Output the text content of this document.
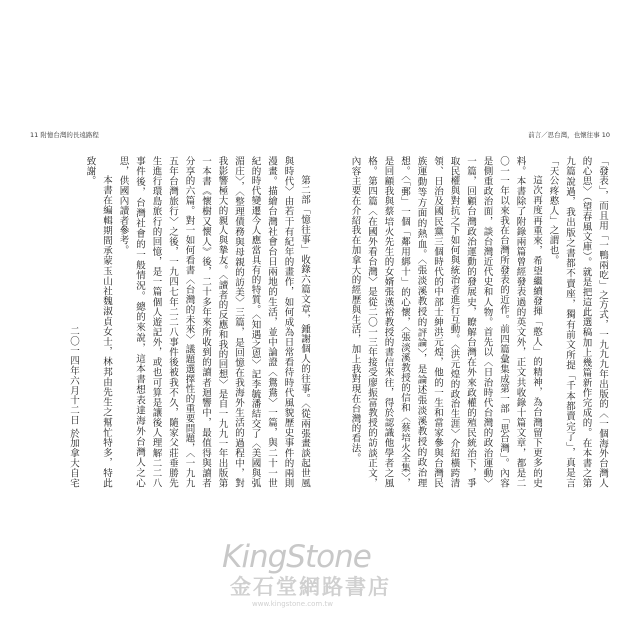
前言／思台灣，也懷往事 10

「發表」，而且用「一鴨兩吃」之方式，一九九九年出版的〈一個海外台灣人的心思〉（望春風文庫）。就是把這此選稿加上幾篇新作完成的。在本書之第九篇說過，我出版之書都不賣座，獨有前文所提「千本都賣完了」，真是言「天公疼憨人」之謂也。

這次再度再重來，希望繼續發揮「憨人」的精神，為台灣留下更多的史料。本書除了附錄兩篇曾經發表過的英文外，正文共收錄十篇文章，都是二〇一一年以來我在台灣所發表的近作。前四篇彙集成第一部「思台灣」。內容是側重政治面，談台灣近代史和人物。首先以〈日治時代台灣的政治運動〉一篇，回顧台灣政治運動的發展史，瞭解台灣在外來政權的殖民統治下，爭取民權與對抗之下如何與統治者進行互動。〈洪元煌的政治生涯〉介紹橫跨清領、日治及國民黨三個時代的中部士紳洪元煌，他的一生和當家參與台灣民族運動等方面的熱血。〈張淡溪教授的評論〉，是論述張淡溪教授的政治理想。〈「郵」一個「鄰用綁十」的心懷，〈張淡溪教授的信和〈蔡培火全集〉，是回顧我與蔡培火先生的女婿張漢裕教授的書信來往，得於認識他學者之風格。第四篇〈在國外看台灣〉是從二〇一三年接受廖振富教授的訪談正文，內容主要在介紹我在加拿大的經歷與生活，加上我對現在台灣的看法。

11 附憶台灣的長遠路程

第二部「憶往事」收錄六篇文章，鍾謝個人的往事。〈從兩張畫談起世風與時代〉由若干有紀年的畫作，如何成為日常看待時代風貌歷史事件的兩則漫畫。描繪台灣社會台日兩地的生活，並中論證〈鴛鴦〉一篇，與二十一世紀的時代變遷今人應當具有的特質。〈知遇之恩〉記李毓潘結交了〈美國與弧湄庄〉，〈整理債務與母親的訪美〉三篇，是回憶在我海外生活的過程中，對我影響極大的親人與摯友。〈讀者的反應和我的回想〉是自一九九一年出版第一本書《懷樹又懷人》後，二十多年來所收到的讀者迴響中，最值得與讀者分享的六篇。對一如何看書〈台灣的未來〉議題選擇性的重要問題，〈一九九五年台灣旅行〉之後，一九四七年二二八事件後被我不久，隨家父莊垂勝先生進行環島旅行的回憶，是一篇個人遊記外，或也可算是讓後人理解二二八事件後，台灣社會的一般情況。總的來說，這本書想表達海外台灣人之心思，供國內讀者參考。

本書在編輯期間承蒙玉山社魏淑貞女士，林邦由先生之幫忙特多，特此致謝。

二〇一四年六月十二日 於加拿大自宅

KingStone
金石堂網路書店
www.kingstone.com.tw
